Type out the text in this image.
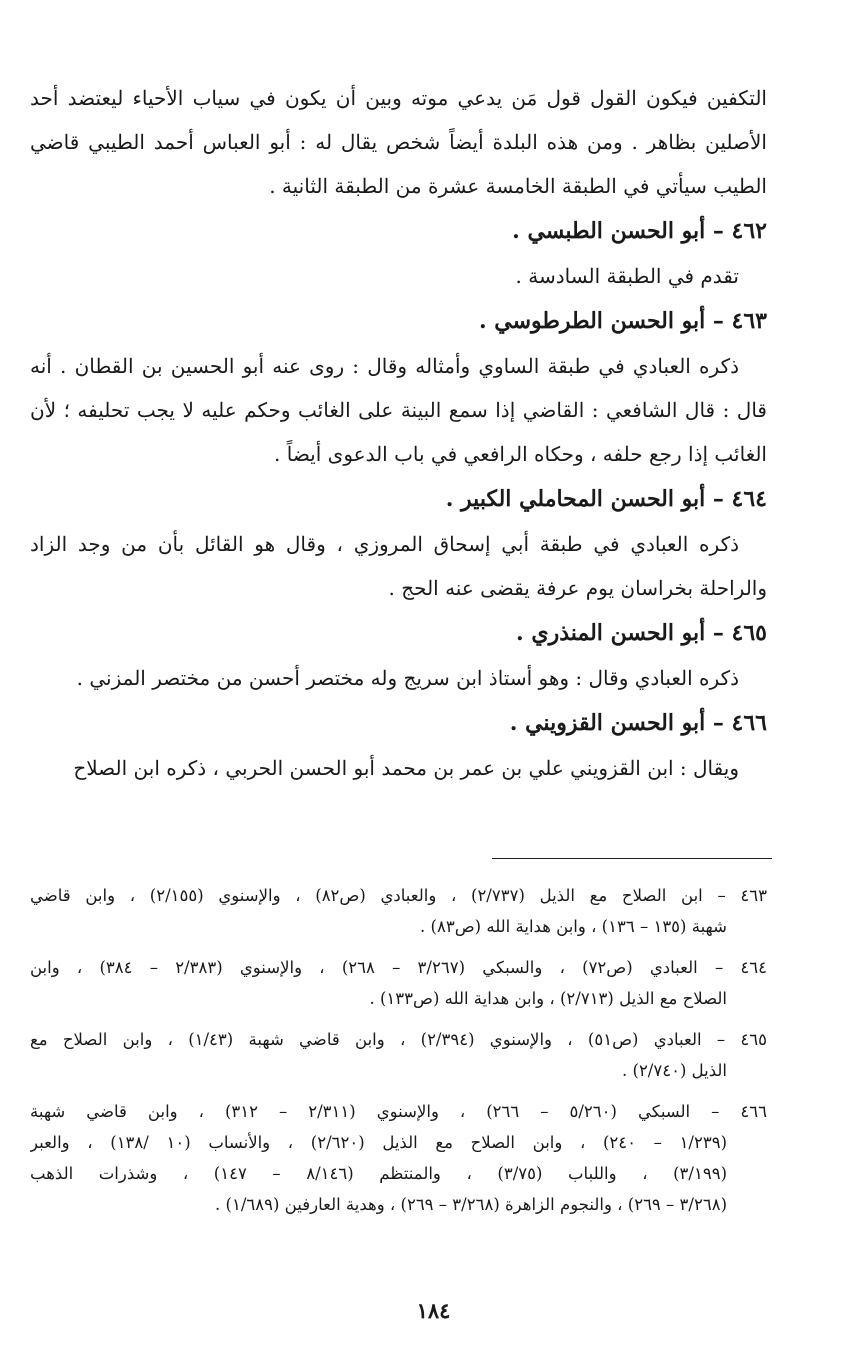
التكفين فيكون القول قول مَن يدعي موته وبين أن يكون في سياب الأحياء ليعتضد أحد
الأصلين بظاهر . ومن هذه البلدة أيضاً شخص يقال له : أبو العباس أحمد الطيبي قاضي
الطيب سيأتي في الطبقة الخامسة عشرة من الطبقة الثانية .
٤٦٢ – أبو الحسن الطبسي .
تقدم في الطبقة السادسة .
٤٦٣ – أبو الحسن الطرطوسي .
ذكره العبادي في طبقة الساوي وأمثاله وقال : روى عنه أبو الحسين بن القطان . أنه
قال : قال الشافعي : القاضي إذا سمع البينة على الغائب وحكم عليه لا يجب تحليفه ؛ لأن
الغائب إذا رجع حلفه ، وحكاه الرافعي في باب الدعوى أيضاً .
٤٦٤ – أبو الحسن المحاملي الكبير .
ذكره العبادي في طبقة أبي إسحاق المروزي ، وقال هو القائل بأن من وجد الزاد
والراحلة بخراسان يوم عرفة يقضى عنه الحج .
٤٦٥ – أبو الحسن المنذري .
ذكره العبادي وقال : وهو أستاذ ابن سريج وله مختصر أحسن من مختصر المزني .
٤٦٦ – أبو الحسن القزويني .
ويقال : ابن القزويني علي بن عمر بن محمد أبو الحسن الحربي ، ذكره ابن الصلاح
٤٦٣ – ابن الصلاح مع الذيل (٢/٧٣٧) ، والعبادي (ص٨٢) ، والإسنوي (٢/١٥٥) ، وابن قاضي
شهبة (١٣٥ – ١٣٦) ، وابن هداية الله (ص٨٣) .
٤٦٤ – العبادي (ص٧٢) ، والسبكي (٣/٢٦٧ – ٢٦٨) ، والإسنوي (٢/٣٨٣ – ٣٨٤) ، وابن
الصلاح مع الذيل (٢/٧١٣) ، وابن هداية الله (ص١٣٣) .
٤٦٥ – العبادي (ص٥١) ، والإسنوي (٢/٣٩٤) ، وابن قاضي شهبة (١/٤٣) ، وابن الصلاح مع
الذيل (٢/٧٤٠) .
٤٦٦ – السبكي (٥/٢٦٠ – ٢٦٦) ، والإسنوي (٢/٣١١ – ٣١٢) ، وابن قاضي شهبة
(١/٢٣٩ – ٢٤٠) ، وابن الصلاح مع الذيل (٢/٦٢٠) ، والأنساب (١٠ /١٣٨) ، والعبر
(٣/١٩٩) ، واللباب (٣/٧٥) ، والمنتظم (٨/١٤٦ – ١٤٧) ، وشذرات الذهب
(٣/٢٦٨ – ٢٦٩) ، والنجوم الزاهرة (٣/٢٦٨ – ٢٦٩) ، وهدية العارفين (١/٦٨٩) .
١٨٤
